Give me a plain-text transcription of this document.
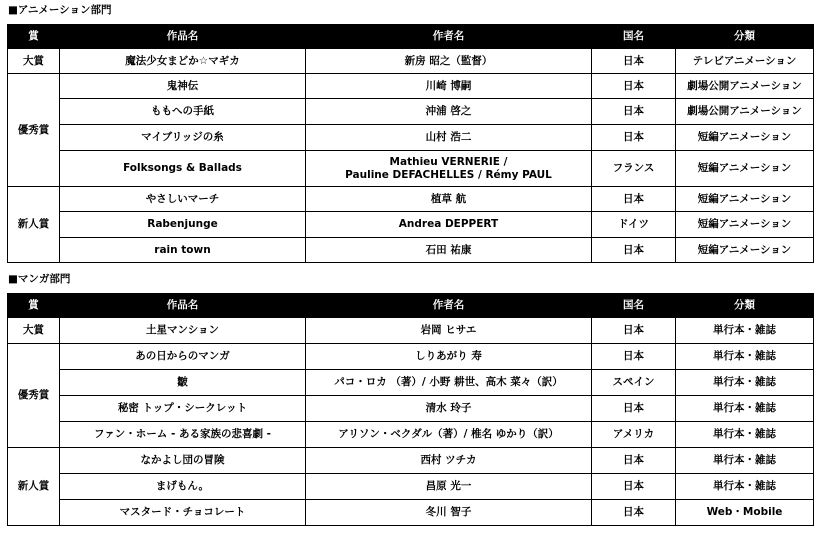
■アニメーション部門
賞	作品名	作者名	国名	分類
大賞	魔法少女まどか☆マギカ	新房 昭之（監督）	日本	テレビアニメーション
優秀賞	鬼神伝	川崎 博嗣	日本	劇場公開アニメーション
	ももへの手紙	沖浦 啓之	日本	劇場公開アニメーション
	マイブリッジの糸	山村 浩二	日本	短編アニメーション
	Folksongs & Ballads	Mathieu VERNERIE /
Pauline DEFACHELLES / Rémy PAUL	フランス	短編アニメーション
新人賞	やさしいマーチ	植草 航	日本	短編アニメーション
	Rabenjunge	Andrea DEPPERT	ドイツ	短編アニメーション
	rain town	石田 祐康	日本	短編アニメーション
■マンガ部門
賞	作品名	作者名	国名	分類
大賞	土星マンション	岩岡 ヒサエ	日本	単行本・雑誌
優秀賞	あの日からのマンガ	しりあがり 寿	日本	単行本・雑誌
	皺	パコ・ロカ （著）/ 小野 耕世、高木 菜々（訳）	スペイン	単行本・雑誌
	秘密 トップ・シークレット	清水 玲子	日本	単行本・雑誌
	ファン・ホーム - ある家族の悲喜劇 -	アリソン・ベクダル（著）/ 椎名 ゆかり（訳）	アメリカ	単行本・雑誌
新人賞	なかよし団の冒険	西村 ツチカ	日本	単行本・雑誌
	まげもん。	昌原 光一	日本	単行本・雑誌
	マスタード・チョコレート	冬川 智子	日本	Web・Mobile
